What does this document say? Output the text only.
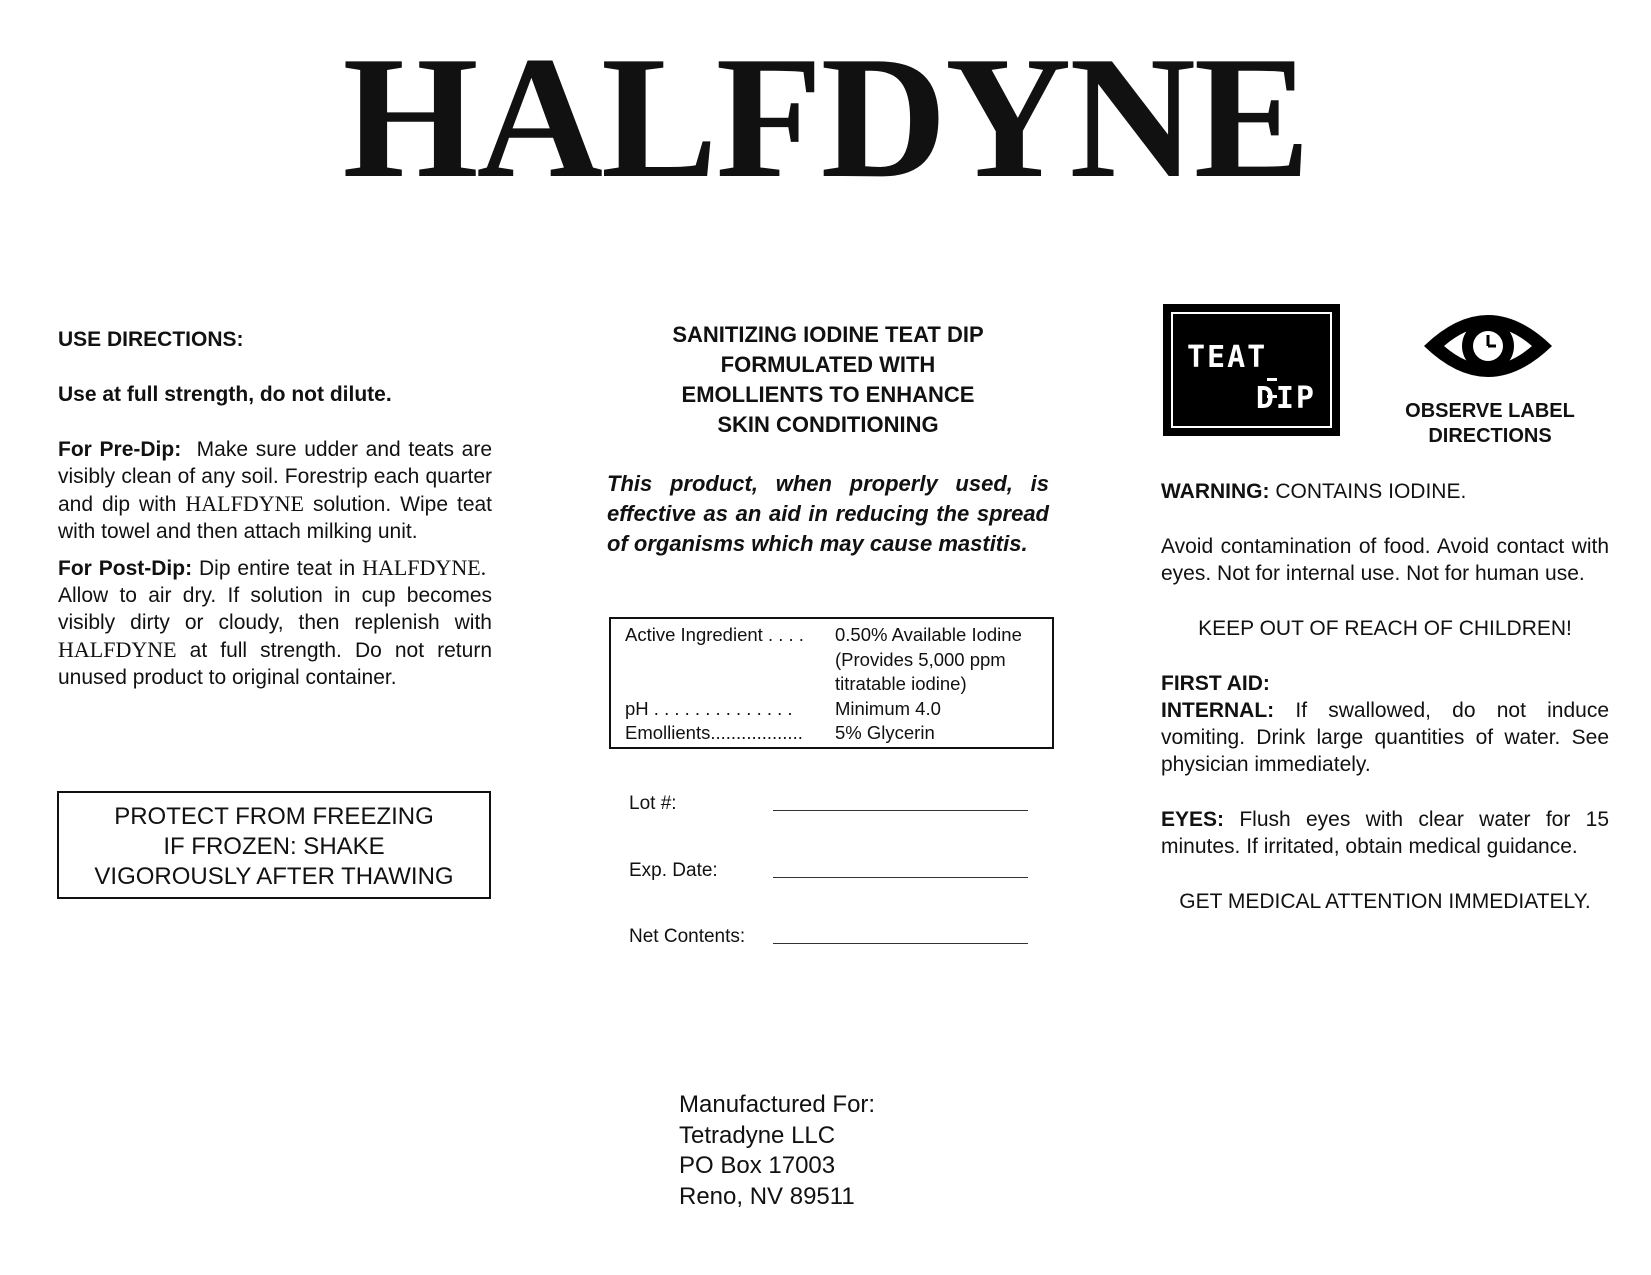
HALFDYNE

USE DIRECTIONS:

Use at full strength, do not dilute.

For Pre-Dip: Make sure udder and teats are visibly clean of any soil. Forestrip each quarter and dip with HALFDYNE solution. Wipe teat with towel and then attach milking unit.

For Post-Dip: Dip entire teat in HALFDYNE.  Allow to air dry. If solution in cup becomes visibly dirty or cloudy, then replenish with HALFDYNE at full strength. Do not return unused product to original container.

PROTECT FROM FREEZING
IF FROZEN: SHAKE
VIGOROUSLY AFTER THAWING
SANITIZING IODINE TEAT DIP
FORMULATED WITH
EMOLLIENTS TO ENHANCE
SKIN CONDITIONING

This product, when properly used, is effective as an aid in reducing the spread of organisms which may cause mastitis.

Active Ingredient . . . .	0.50% Available Iodine
(Provides 5,000 ppm
titratable iodine)
pH . . . . . . . . . . . . . .	Minimum 4.0
Emollients..................	5% Glycerin
Lot #:
Exp. Date:
Net Contents:
Manufactured For:
Tetradyne LLC
PO Box 17003
Reno, NV 89511
TEAT
DIP	OBSERVE LABEL
DIRECTIONS

WARNING: CONTAINS IODINE.

Avoid contamination of food. Avoid contact with eyes. Not for internal use. Not for human use.

KEEP OUT OF REACH OF CHILDREN!

FIRST AID:

INTERNAL: If swallowed, do not induce vomiting. Drink large quantities of water. See physician immediately.

EYES: Flush eyes with clear water for 15 minutes. If irritated, obtain medical guidance.

GET MEDICAL ATTENTION IMMEDIATELY.
